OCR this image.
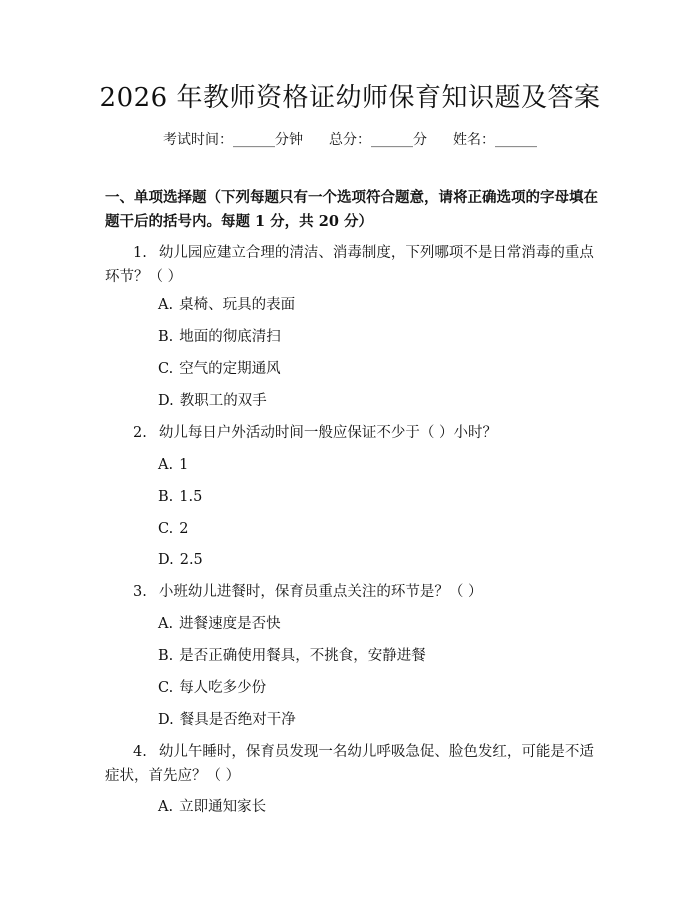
2026 年教师资格证幼师保育知识题及答案
考试时间：______分钟 总分：______分 姓名：______
一、单项选择题（下列每题只有一个选项符合题意，请将正确选项的字母填在题干后的括号内。每题 1 分，共 20 分）
1. 幼儿园应建立合理的清洁、消毒制度，下列哪项不是日常消毒的重点环节？（ ）
A. 桌椅、玩具的表面
B. 地面的彻底清扫
C. 空气的定期通风
D. 教职工的双手
2. 幼儿每日户外活动时间一般应保证不少于（ ）小时？
A. 1
B. 1.5
C. 2
D. 2.5
3. 小班幼儿进餐时，保育员重点关注的环节是？（ ）
A. 进餐速度是否快
B. 是否正确使用餐具，不挑食，安静进餐
C. 每人吃多少份
D. 餐具是否绝对干净
4. 幼儿午睡时，保育员发现一名幼儿呼吸急促、脸色发红，可能是不适症状，首先应？（ ）
A. 立即通知家长
